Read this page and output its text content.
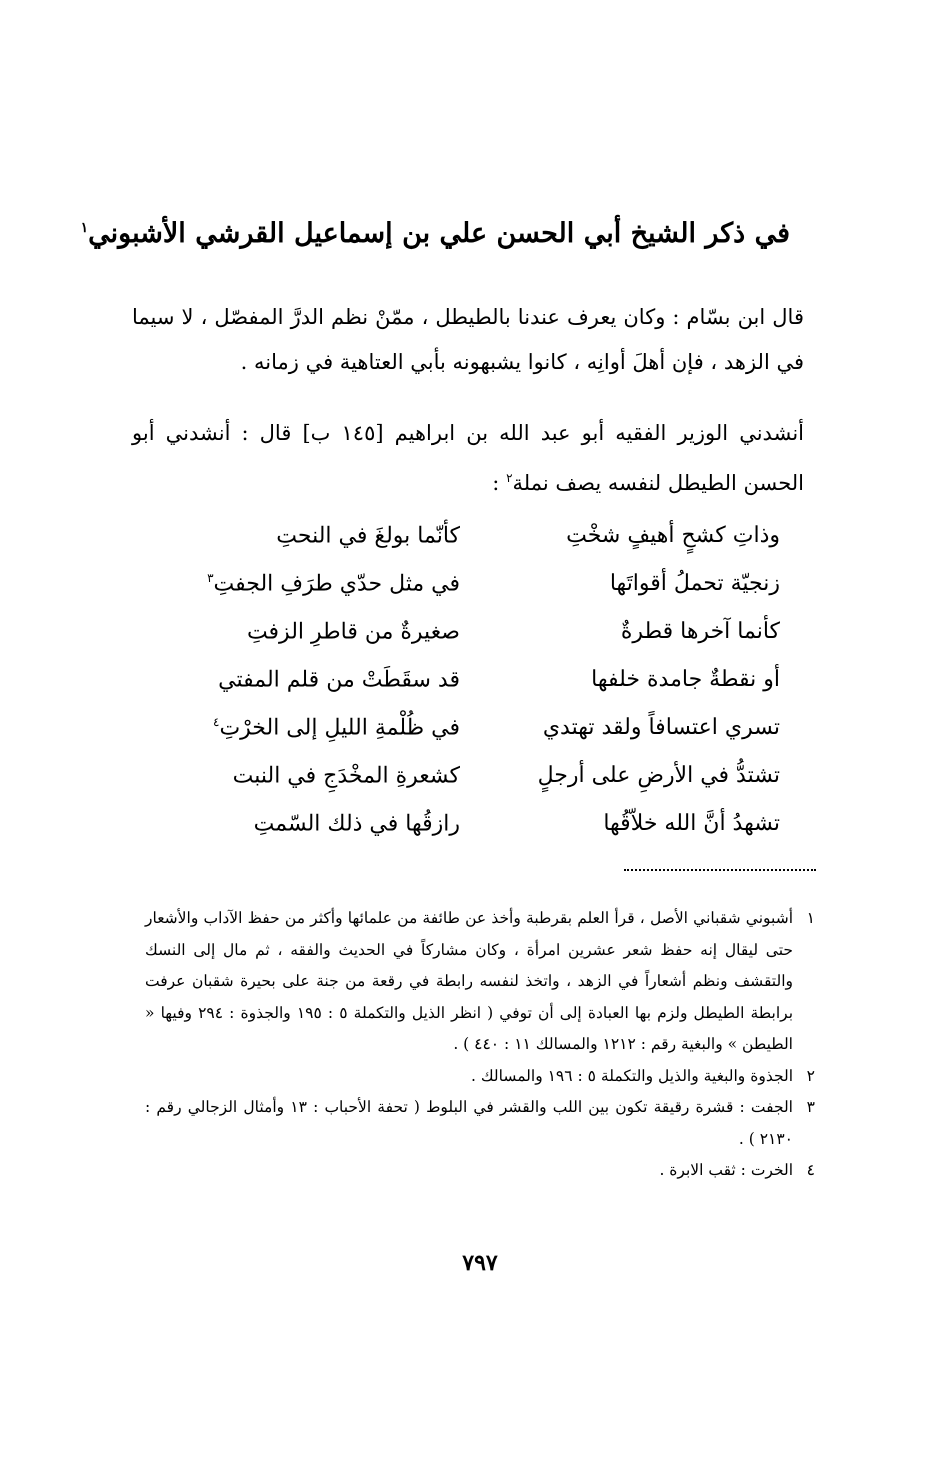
في ذكر الشيخ أبي الحسن علي بن إسماعيل القرشي الأشبوني$^١$
قال ابن بسّام : وكان يعرف عندنا بالطيطل ، ممّنْ نظم الدرَّ المفصّل ، لا سيما في الزهد ، فإن أهلَ أوانِه ، كانوا يشبهونه بأبي العتاهية في زمانه .
أنشدني الوزير الفقيه أبو عبد الله بن ابراهيم [١٤٥ ب] قال : أنشدني أبو الحسن الطيطل لنفسه يصف نملة$^٢$ :
وذاتِ كشحٍ أهيفٍ شخْتِ
كأنّما بولغَ في النحتِ
زنجيّة تحملُ أقواتَها
في مثل حدّي طرَفِ الجفتِ$^٣$
كأنما آخرها قطرةٌ
صغيرةٌ من قاطرِ الزفتِ
أو نقطةٌ جامدة خلفها
قد سقَطَتْ من قلم المفتي
تسري اعتسافاً ولقد تهتدي
في ظُلْمةِ الليلِ إلى الخرْتِ$^٤$
تشتدُّ في الأرضِ على أرجلٍ
كشعرةِ المخْدَجِ في النبت
تشهدُ أنَّ الله خلاّقُها
رازقُها في ذلك السّمتِ
١
أشبوني شقباني الأصل ، قرأ العلم بقرطبة وأخذ عن طائفة من علمائها وأكثر من حفظ الآداب والأشعار حتى ليقال إنه حفظ شعر عشرين امرأة ، وكان مشاركاً في الحديث والفقه ، ثم مال إلى النسك والتقشف ونظم أشعاراً في الزهد ، واتخذ لنفسه رابطة في رقعة من جنة على بحيرة شقبان عرفت برابطة الطيطل ولزم بها العبادة إلى أن توفي ( انظر الذيل والتكملة ٥ : ١٩٥ والجذوة : ٢٩٤ وفيها « الطيطن » والبغية رقم : ١٢١٢ والمسالك ١١ : ٤٤٠ ) .
٢
الجذوة والبغية والذيل والتكملة ٥ : ١٩٦ والمسالك .
٣
الجفت : قشرة رقيقة تكون بين اللب والقشر في البلوط ( تحفة الأحباب : ١٣ وأمثال الزجالي رقم : ٢١٣٠ ) .
٤
الخرت : ثقب الابرة .
٧٩٧
